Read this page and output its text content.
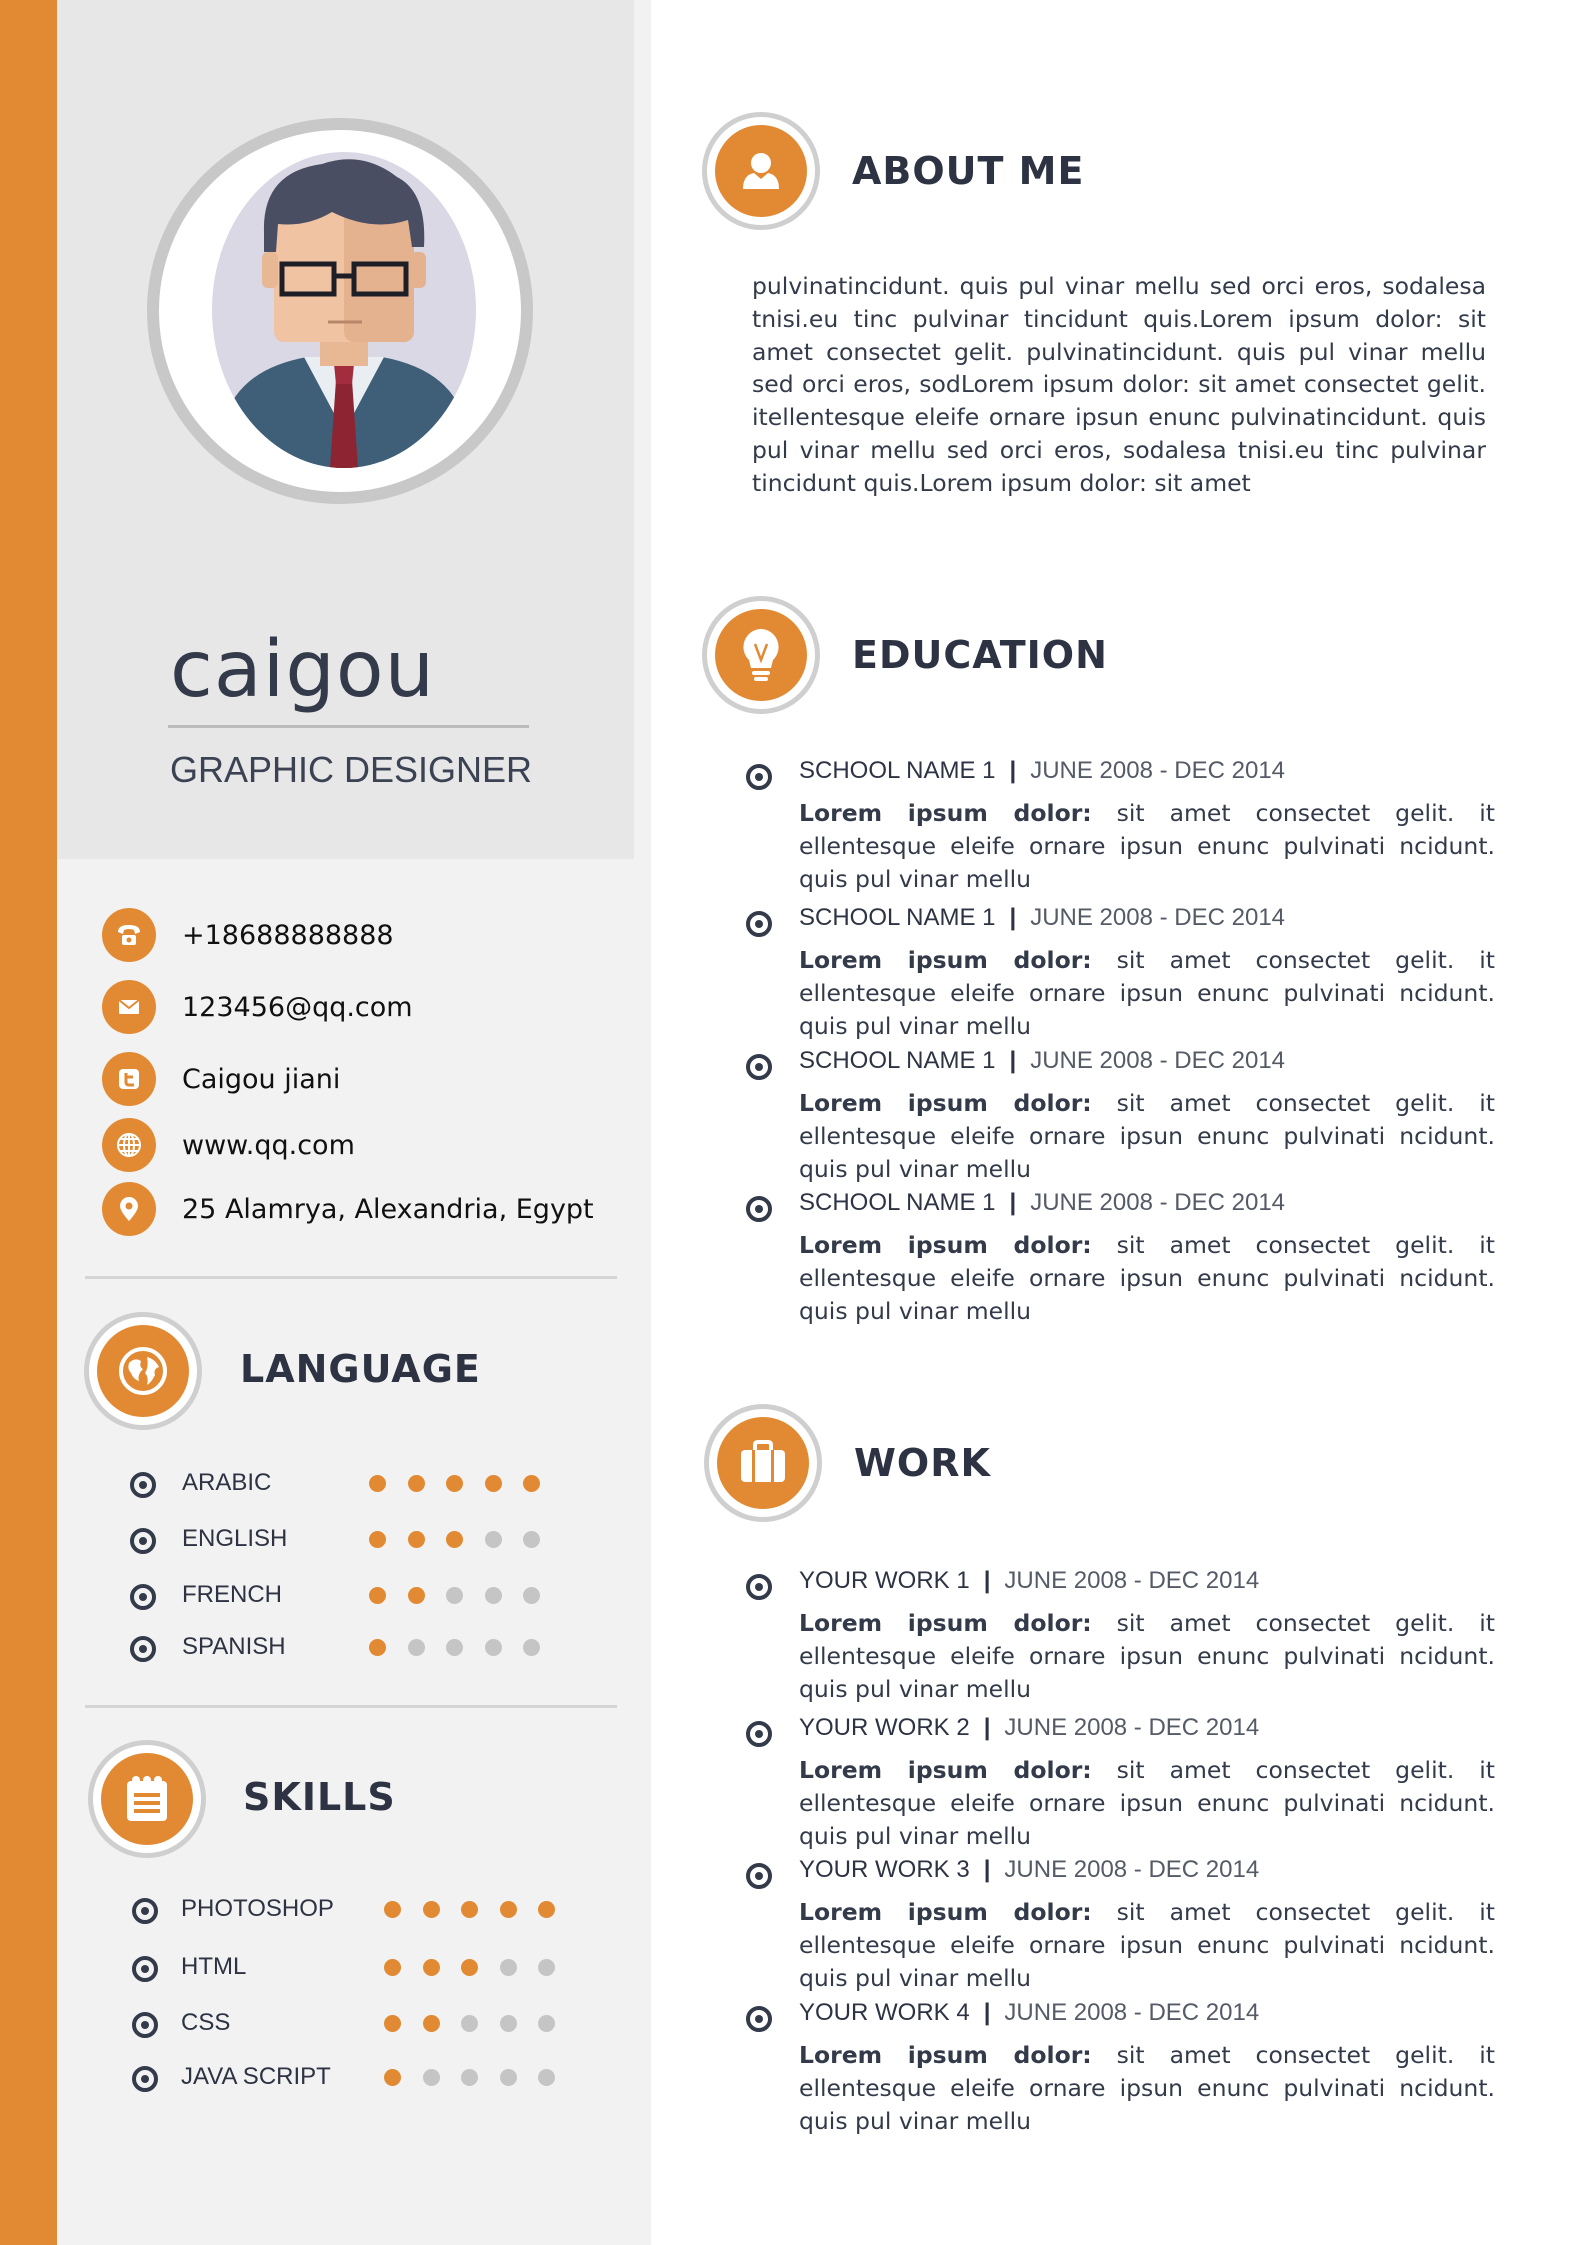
caigou
GRAPHIC DESIGNER
+18688888888
123456@qq.com
Caigou jiani
www.qq.com
25 Alamrya, Alexandria, Egypt
LANGUAGE
ARABIC
ENGLISH
FRENCH
SPANISH
SKILLS
PHOTOSHOP
HTML
CSS
JAVA SCRIPT
ABOUT ME
pulvinatincidunt. quis pul vinar mellu sed orci eros, sodalesa tnisi.eu tinc pulvinar tincidunt quis.Lorem ipsum dolor: sit amet consectet gelit. pulvinatincidunt. quis pul vinar mellu sed orci eros, sodLorem ipsum dolor: sit amet consectet gelit. itellentesque eleife ornare ipsun enunc pulvinatincidunt. quis pul vinar mellu sed orci eros, sodalesa tnisi.eu tinc pulvinar tincidunt quis.Lorem ipsum dolor: sit amet
EDUCATION
SCHOOL NAME 1 | JUNE 2008 - DEC 2014
Lorem ipsum dolor: sit amet consectet gelit. it ellentesque eleife ornare ipsun enunc pulvinati ncidunt. quis pul vinar mellu
SCHOOL NAME 1 | JUNE 2008 - DEC 2014
Lorem ipsum dolor: sit amet consectet gelit. it ellentesque eleife ornare ipsun enunc pulvinati ncidunt. quis pul vinar mellu
SCHOOL NAME 1 | JUNE 2008 - DEC 2014
Lorem ipsum dolor: sit amet consectet gelit. it ellentesque eleife ornare ipsun enunc pulvinati ncidunt. quis pul vinar mellu
SCHOOL NAME 1 | JUNE 2008 - DEC 2014
Lorem ipsum dolor: sit amet consectet gelit. it ellentesque eleife ornare ipsun enunc pulvinati ncidunt. quis pul vinar mellu
WORK
YOUR WORK 1 | JUNE 2008 - DEC 2014
Lorem ipsum dolor: sit amet consectet gelit. it ellentesque eleife ornare ipsun enunc pulvinati ncidunt. quis pul vinar mellu
YOUR WORK 2 | JUNE 2008 - DEC 2014
Lorem ipsum dolor: sit amet consectet gelit. it ellentesque eleife ornare ipsun enunc pulvinati ncidunt. quis pul vinar mellu
YOUR WORK 3 | JUNE 2008 - DEC 2014
Lorem ipsum dolor: sit amet consectet gelit. it ellentesque eleife ornare ipsun enunc pulvinati ncidunt. quis pul vinar mellu
YOUR WORK 4 | JUNE 2008 - DEC 2014
Lorem ipsum dolor: sit amet consectet gelit. it ellentesque eleife ornare ipsun enunc pulvinati ncidunt. quis pul vinar mellu
